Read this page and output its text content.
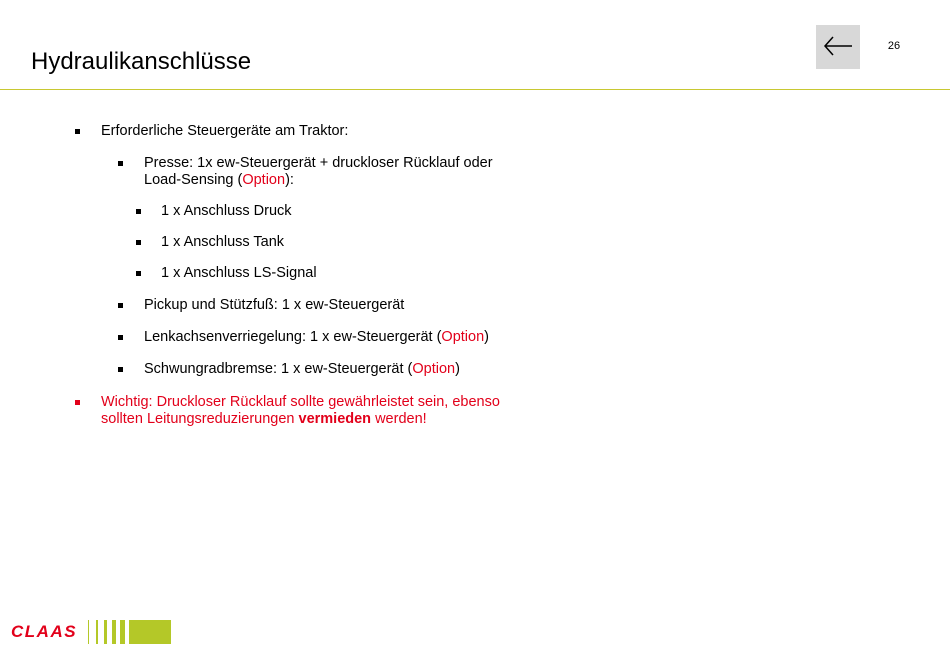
Hydraulikanschlüsse
26
Erforderliche Steuergeräte am Traktor:
Presse: 1x ew-Steuergerät + druckloser Rücklauf oder
Load-Sensing (Option):
1 x Anschluss Druck
1 x Anschluss Tank
1 x Anschluss LS-Signal
Pickup und Stützfuß: 1 x ew-Steuergerät
Lenkachsenverriegelung: 1 x ew-Steuergerät (Option)
Schwungradbremse: 1 x ew-Steuergerät (Option)
Wichtig: Druckloser Rücklauf sollte gewährleistet sein, ebenso
sollten Leitungsreduzierungen vermieden werden!
CLAAS
